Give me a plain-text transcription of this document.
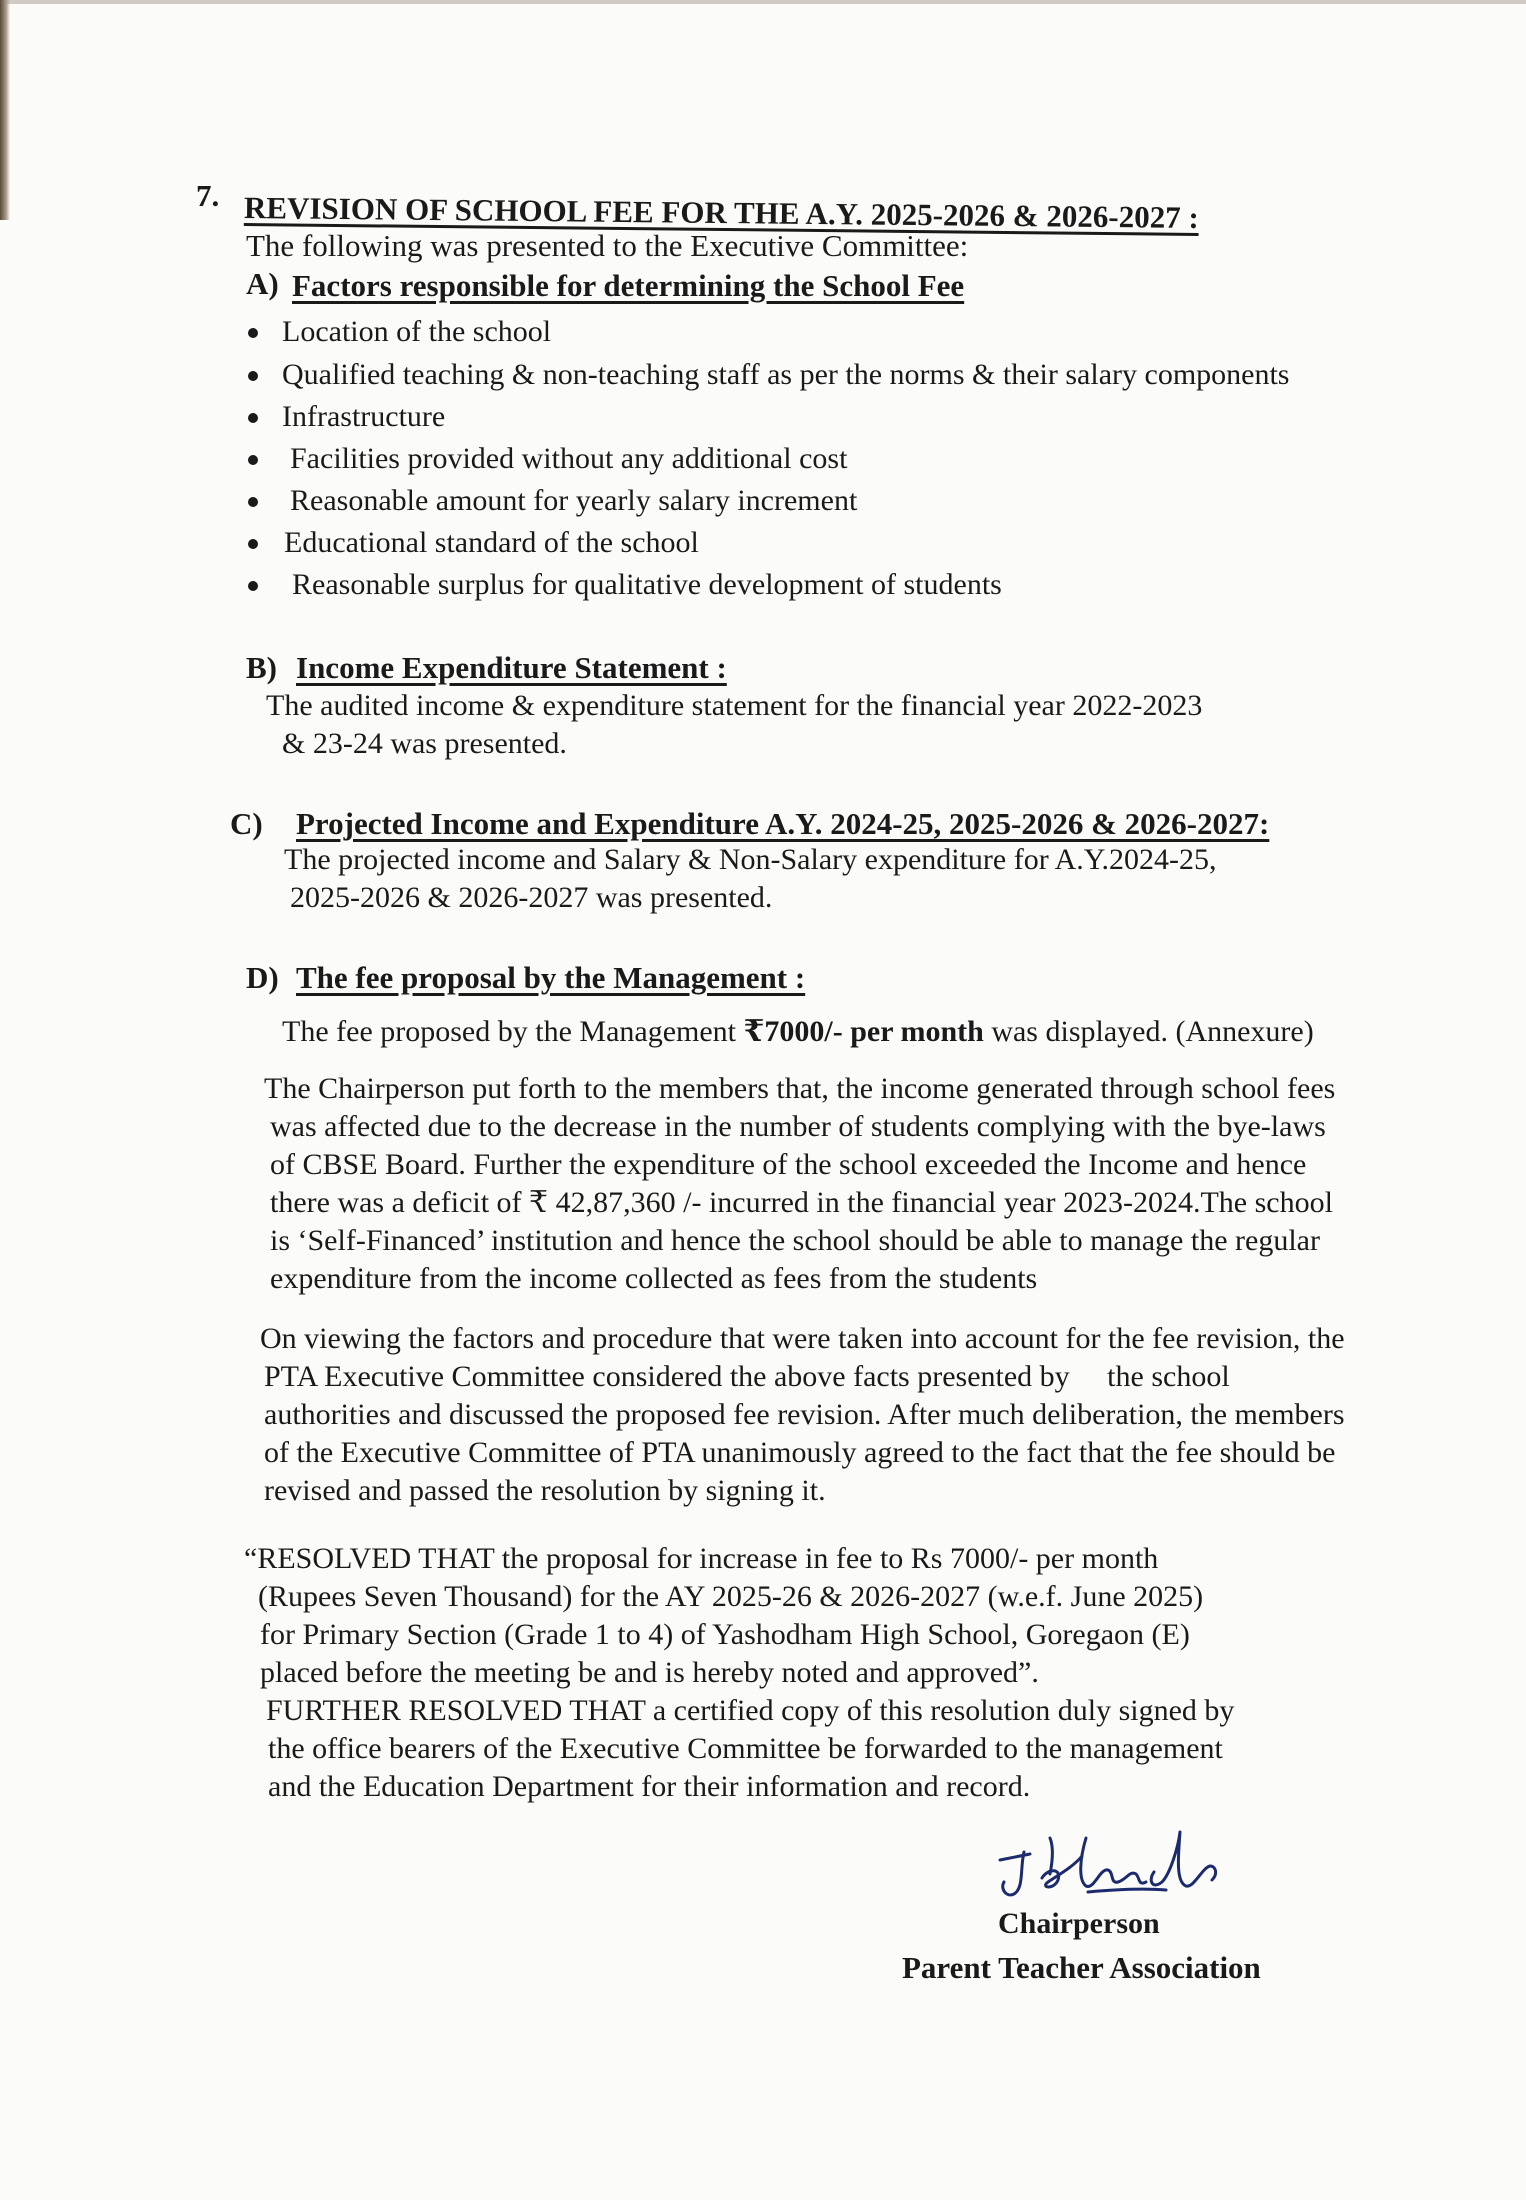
7. REVISION OF SCHOOL FEE FOR THE A.Y. 2025-2026 & 2026-2027 :
The following was presented to the Executive Committee:
A) Factors responsible for determining the School Fee
Location of the school
Qualified teaching & non-teaching staff as per the norms & their salary components
Infrastructure
Facilities provided without any additional cost
Reasonable amount for yearly salary increment
Educational standard of the school
Reasonable surplus for qualitative development of students
B) Income Expenditure Statement :
The audited income & expenditure statement for the financial year 2022-2023
& 23-24 was presented.
C) Projected Income and Expenditure A.Y. 2024-25, 2025-2026 & 2026-2027:
The projected income and Salary & Non-Salary expenditure for A.Y.2024-25,
2025-2026 & 2026-2027 was presented.
D) The fee proposal by the Management :
The fee proposed by the Management ₹7000/- per month was displayed. (Annexure)
The Chairperson put forth to the members that, the income generated through school fees
was affected due to the decrease in the number of students complying with the bye-laws
of CBSE Board. Further the expenditure of the school exceeded the Income and hence
there was a deficit of ₹ 42,87,360 /- incurred in the financial year 2023-2024.The school
is ‘Self-Financed’ institution and hence the school should be able to manage the regular
expenditure from the income collected as fees from the students
On viewing the factors and procedure that were taken into account for the fee revision, the
PTA Executive Committee considered the above facts presented by     the school
authorities and discussed the proposed fee revision. After much deliberation, the members
of the Executive Committee of PTA unanimously agreed to the fact that the fee should be
revised and passed the resolution by signing it.
“RESOLVED THAT the proposal for increase in fee to Rs 7000/- per month
(Rupees Seven Thousand) for the AY 2025-26 & 2026-2027 (w.e.f. June 2025)
for Primary Section (Grade 1 to 4) of Yashodham High School, Goregaon (E)
placed before the meeting be and is hereby noted and approved”.
FURTHER RESOLVED THAT a certified copy of this resolution duly signed by
the office bearers of the Executive Committee be forwarded to the management
and the Education Department for their information and record.
Chairperson
Parent Teacher Association
